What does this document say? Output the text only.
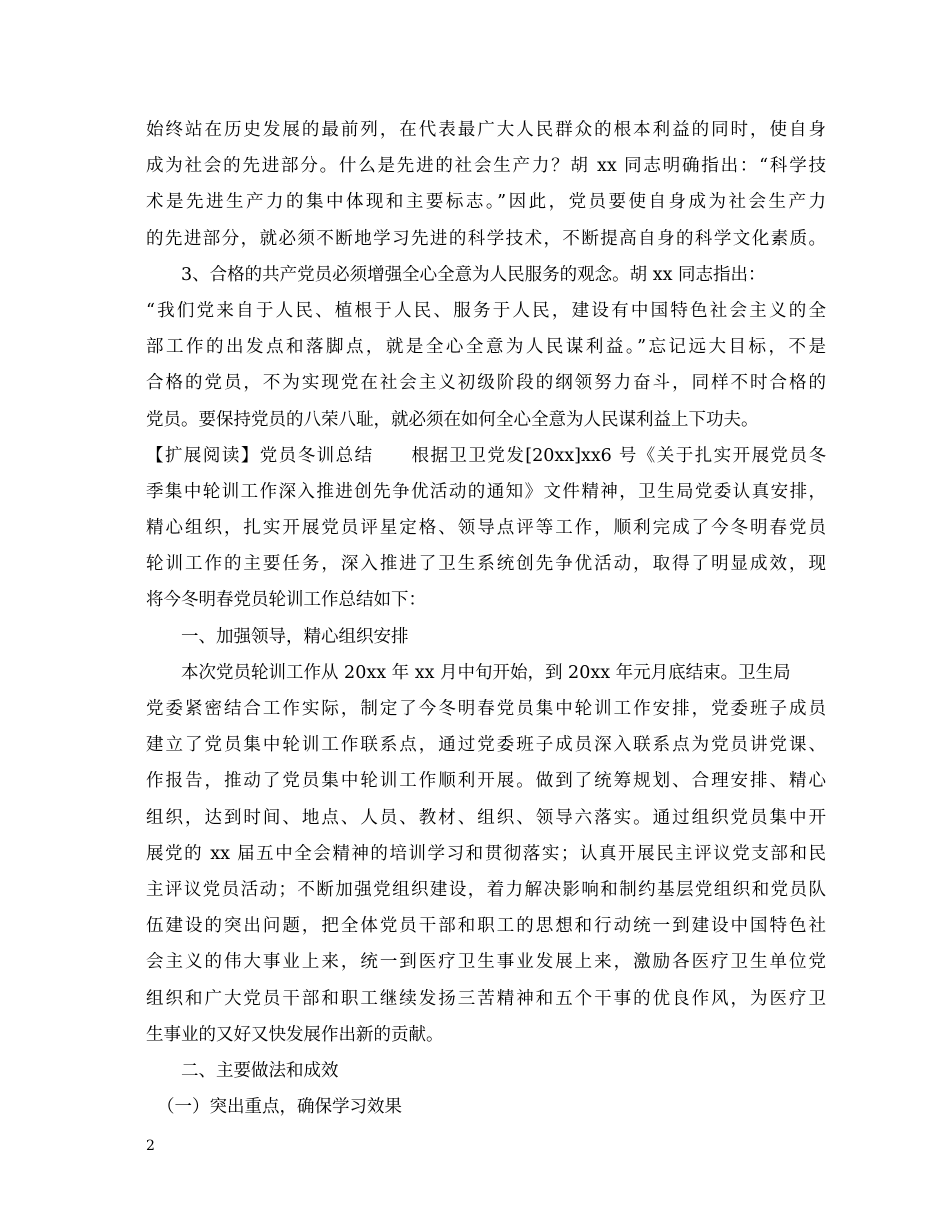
始终站在历史发展的最前列，在代表最广大人民群众的根本利益的同时，使自身
成为社会的先进部分。什么是先进的社会生产力？胡 xx 同志明确指出：“科学技
术是先进生产力的集中体现和主要标志。”因此，党员要使自身成为社会生产力
的先进部分，就必须不断地学习先进的科学技术，不断提高自身的科学文化素质。
3、合格的共产党员必须增强全心全意为人民服务的观念。胡 xx 同志指出：
“我们党来自于人民、植根于人民、服务于人民，建设有中国特色社会主义的全
部工作的出发点和落脚点，就是全心全意为人民谋利益。”忘记远大目标，不是
合格的党员，不为实现党在社会主义初级阶段的纲领努力奋斗，同样不时合格的
党员。要保持党员的八荣八耻，就必须在如何全心全意为人民谋利益上下功夫。
【扩展阅读】党员冬训总结　　根据卫卫党发[20xx]xx6 号《关于扎实开展党员冬
季集中轮训工作深入推进创先争优活动的通知》文件精神，卫生局党委认真安排，
精心组织，扎实开展党员评星定格、领导点评等工作，顺利完成了今冬明春党员
轮训工作的主要任务，深入推进了卫生系统创先争优活动，取得了明显成效，现
将今冬明春党员轮训工作总结如下：
一、加强领导，精心组织安排
本次党员轮训工作从 20xx 年 xx 月中旬开始，到 20xx 年元月底结束。卫生局
党委紧密结合工作实际，制定了今冬明春党员集中轮训工作安排，党委班子成员
建立了党员集中轮训工作联系点，通过党委班子成员深入联系点为党员讲党课、
作报告，推动了党员集中轮训工作顺利开展。做到了统筹规划、合理安排、精心
组织，达到时间、地点、人员、教材、组织、领导六落实。通过组织党员集中开
展党的 xx 届五中全会精神的培训学习和贯彻落实；认真开展民主评议党支部和民
主评议党员活动；不断加强党组织建设，着力解决影响和制约基层党组织和党员队
伍建设的突出问题，把全体党员干部和职工的思想和行动统一到建设中国特色社
会主义的伟大事业上来，统一到医疗卫生事业发展上来，激励各医疗卫生单位党
组织和广大党员干部和职工继续发扬三苦精神和五个干事的优良作风，为医疗卫
生事业的又好又快发展作出新的贡献。
二、主要做法和成效
（一）突出重点，确保学习效果
2
